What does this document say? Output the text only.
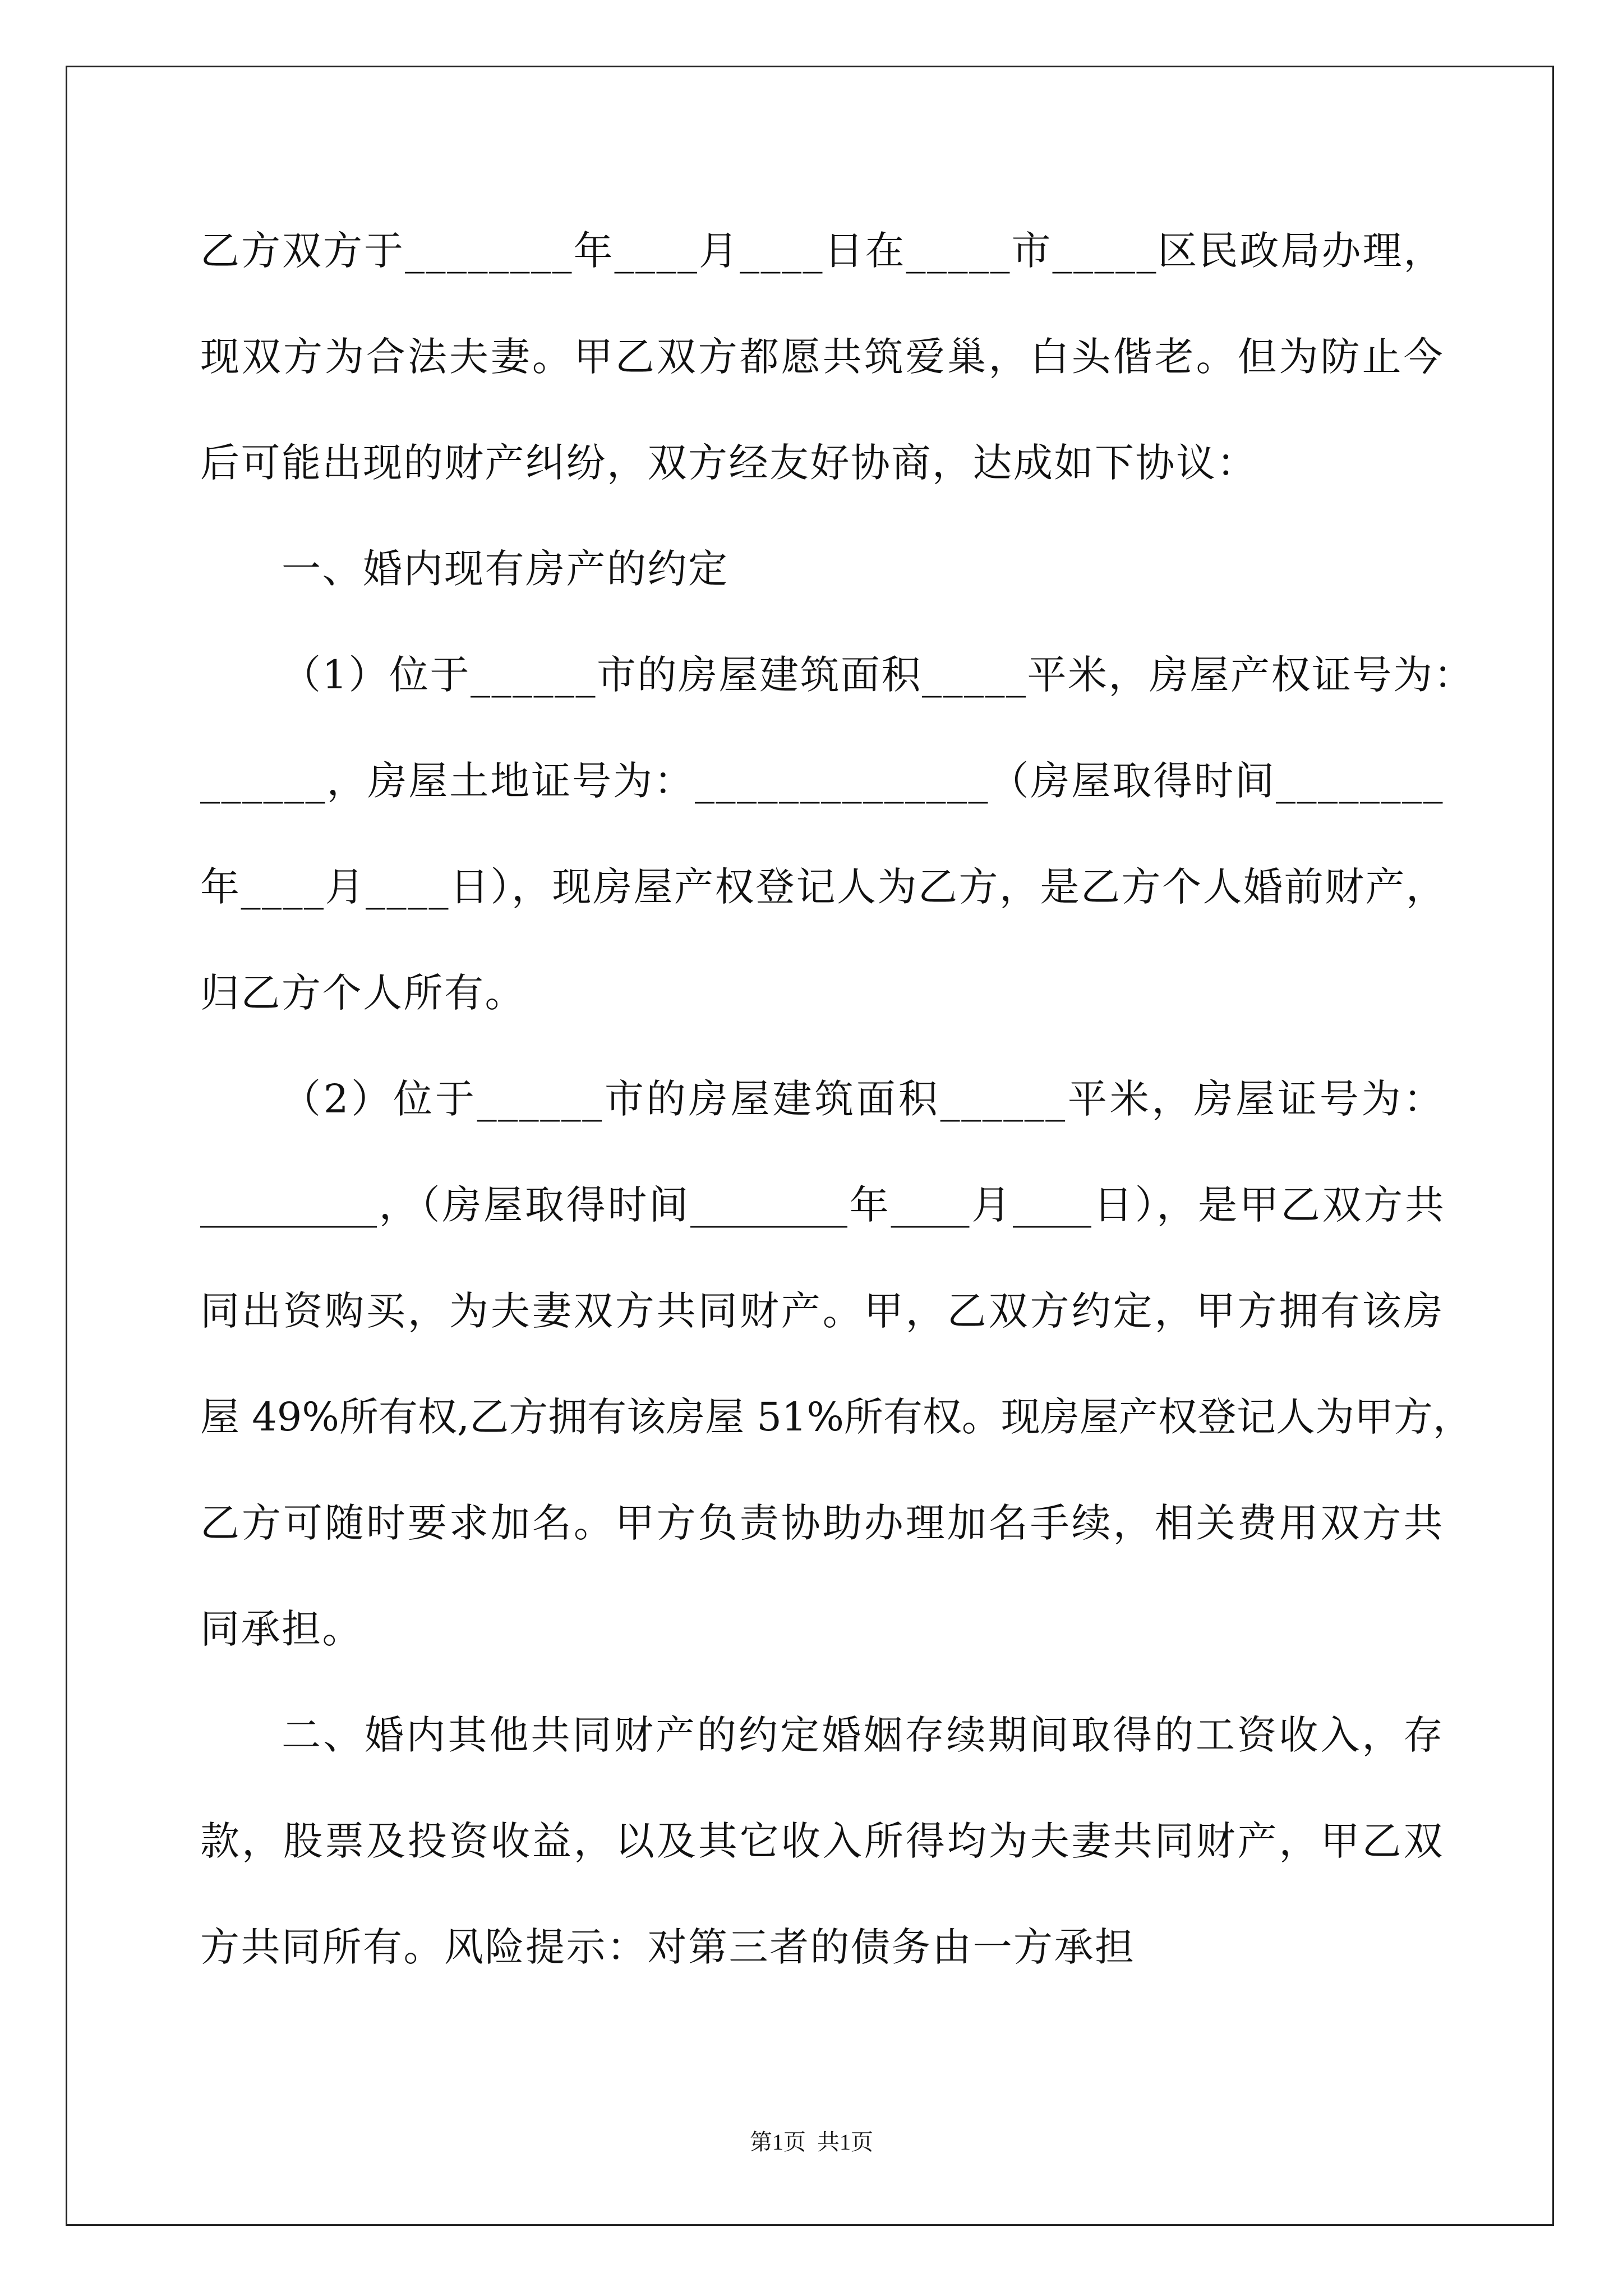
乙方双方于________年____月____日在_____市_____区民政局办理，
现双方为合法夫妻。甲乙双方都愿共筑爱巢，白头偕老。但为防止今
后可能出现的财产纠纷，双方经友好协商，达成如下协议：
一、婚内现有房产的约定
（1）位于______市的房屋建筑面积_____平米，房屋产权证号为：
______，房屋土地证号为：______________（房屋取得时间________
年____月____日），现房屋产权登记人为乙方，是乙方个人婚前财产，
归乙方个人所有。
（2）位于______市的房屋建筑面积______平米，房屋证号为：
_________，（房屋取得时间________年____月____日），是甲乙双方共
同出资购买，为夫妻双方共同财产。甲，乙双方约定，甲方拥有该房
屋 49%所有权,乙方拥有该房屋 51%所有权。现房屋产权登记人为甲方，
乙方可随时要求加名。甲方负责协助办理加名手续，相关费用双方共
同承担。
二、婚内其他共同财产的约定婚姻存续期间取得的工资收入，存
款，股票及投资收益，以及其它收入所得均为夫妻共同财产，甲乙双
方共同所有。风险提示：对第三者的债务由一方承担
第1页  共1页
